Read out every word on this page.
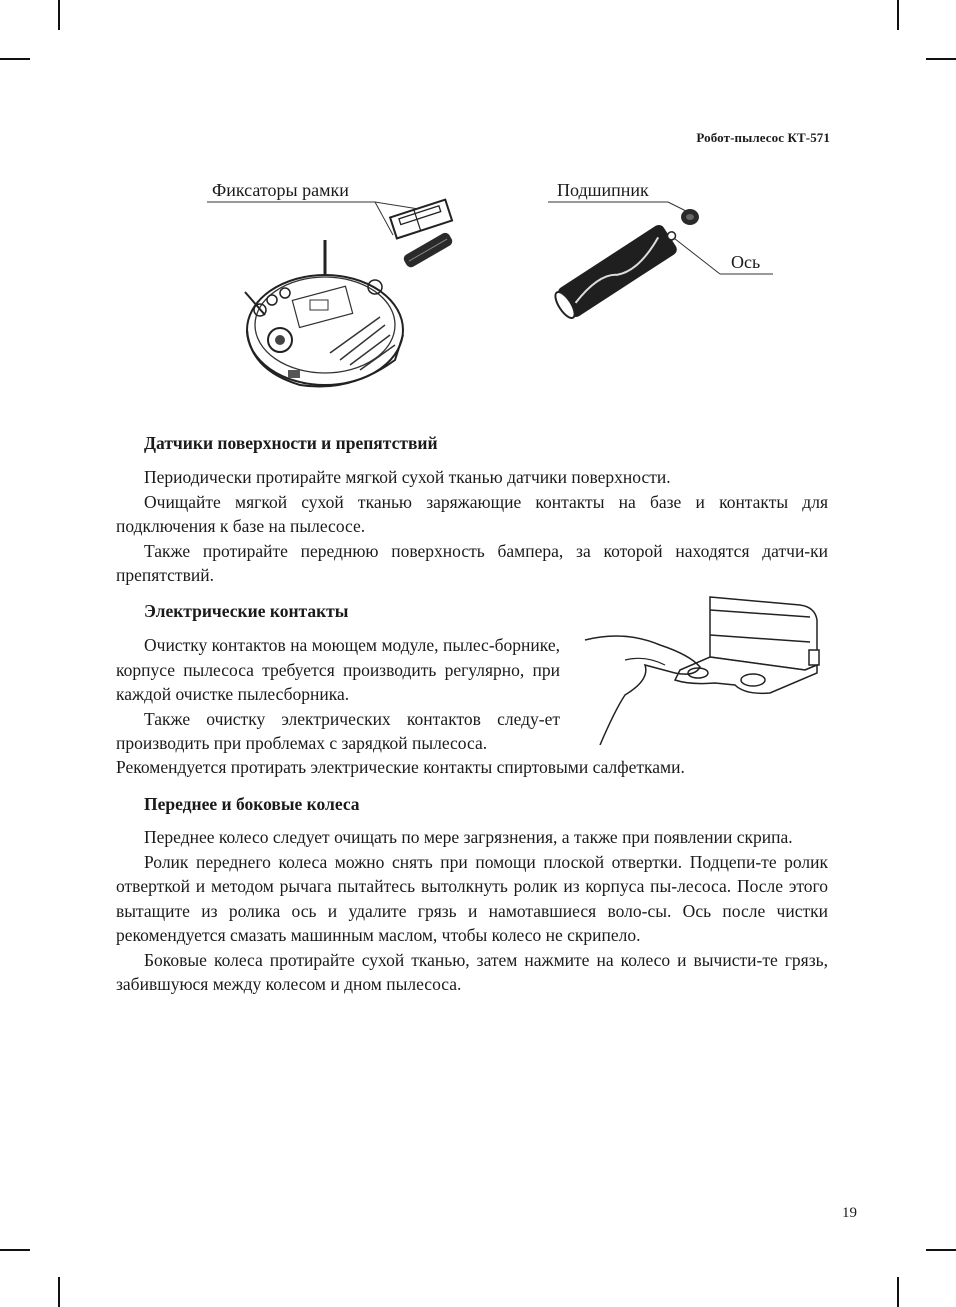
Робот-пылесос КТ-571
Фиксаторы рамки	Подшипник
Ось
Датчики поверхности и препятствий

Периодически протирайте мягкой сухой тканью датчики поверхности.

Очищайте мягкой сухой тканью заряжающие контакты на базе и контакты для подключения к базе на пылесосе.

Также протирайте переднюю поверхность бампера, за которой находятся датчи-ки препятствий.

Электрические контакты

Очистку контактов на моющем модуле, пылес-борнике, корпусе пылесоса требуется производить регулярно, при каждой очистке пылесборника.

Также очистку электрических контактов следу-ет производить при проблемах с зарядкой пылесоса.

Рекомендуется протирать электрические контакты спиртовыми салфетками.

Переднее и боковые колеса

Переднее колесо следует очищать по мере загрязнения, а также при появлении скрипа.

Ролик переднего колеса можно снять при помощи плоской отвертки. Подцепи-те ролик отверткой и методом рычага пытайтесь вытолкнуть ролик из корпуса пы-лесоса. После этого вытащите из ролика ось и удалите грязь и намотавшиеся воло-сы. Ось после чистки рекомендуется смазать машинным маслом, чтобы колесо не скрипело.

Боковые колеса протирайте сухой тканью, затем нажмите на колесо и вычисти-те грязь, забившуюся между колесом и дном пылесоса.

19
